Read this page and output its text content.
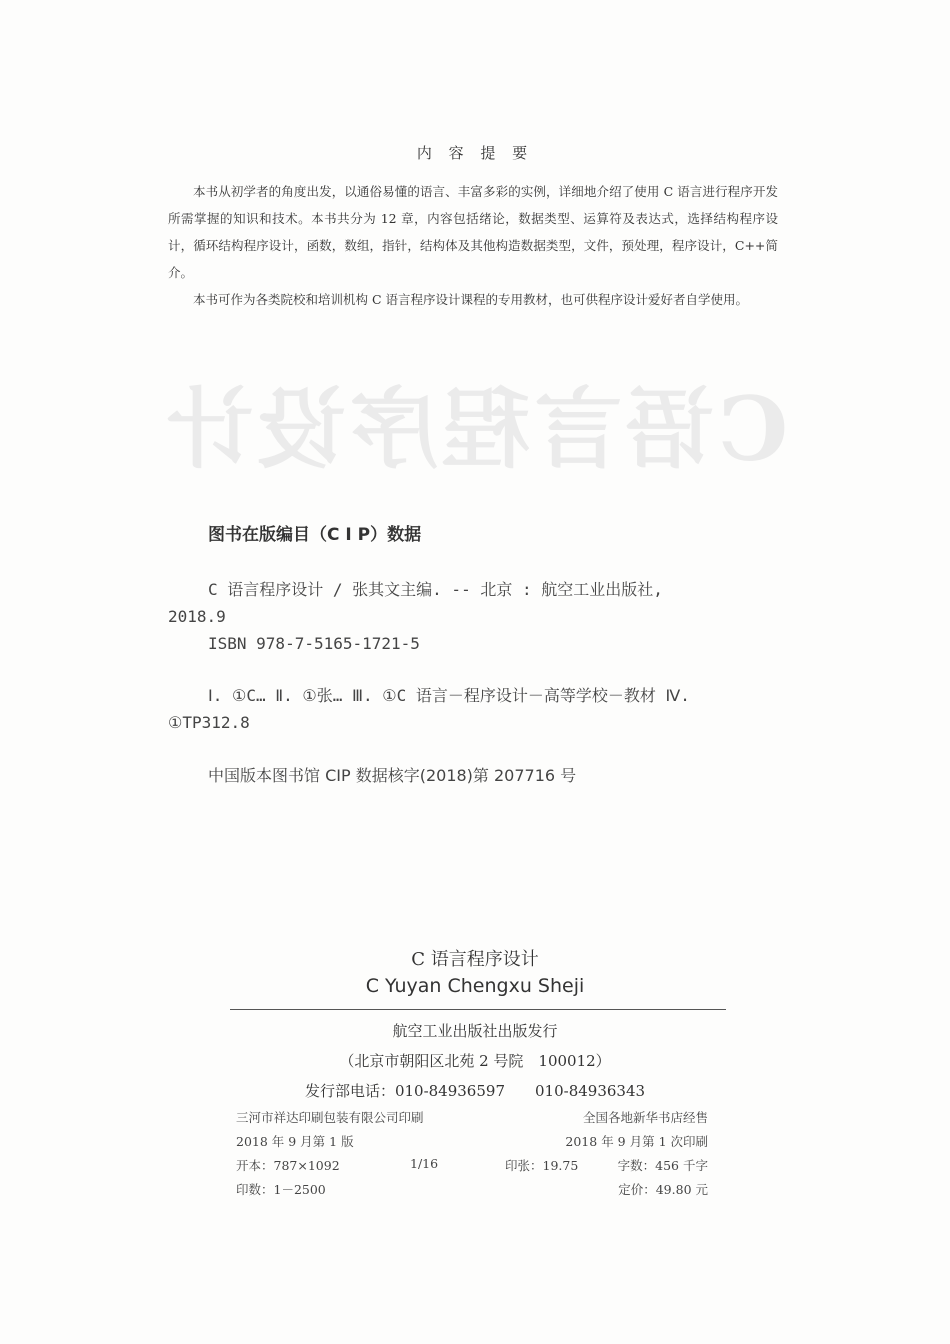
C语言程序设计
内 容 提 要

本书从初学者的角度出发，以通俗易懂的语言、丰富多彩的实例，详细地介绍了使用 C 语言进行程序开发所需掌握的知识和技术。本书共分为 12 章，内容包括绪论，数据类型、运算符及表达式，选择结构程序设计，循环结构程序设计，函数，数组，指针，结构体及其他构造数据类型，文件，预处理，程序设计，C++简介。

本书可作为各类院校和培训机构 C 语言程序设计课程的专用教材，也可供程序设计爱好者自学使用。

图书在版编目（C I P）数据

C 语言程序设计 / 张其文主编. -- 北京 : 航空工业出版社, 2018.9

ISBN 978-7-5165-1721-5

Ⅰ. ①C… Ⅱ. ①张… Ⅲ. ①C 语言－程序设计－高等学校－教材 Ⅳ. ①TP312.8

中国版本图书馆 CIP 数据核字(2018)第 207716 号

C 语言程序设计
C Yuyan Chengxu Sheji
航空工业出版社出版发行
（北京市朝阳区北苑 2 号院　100012）
发行部电话：010-84936597 010-84936343
三河市祥达印刷包装有限公司印刷	全国各地新华书店经售
2018 年 9 月第 1 版	2018 年 9 月第 1 次印刷
开本：787×1092	1/16	印张：19.75	字数：456 千字
印数：1－2500	定价：49.80 元
